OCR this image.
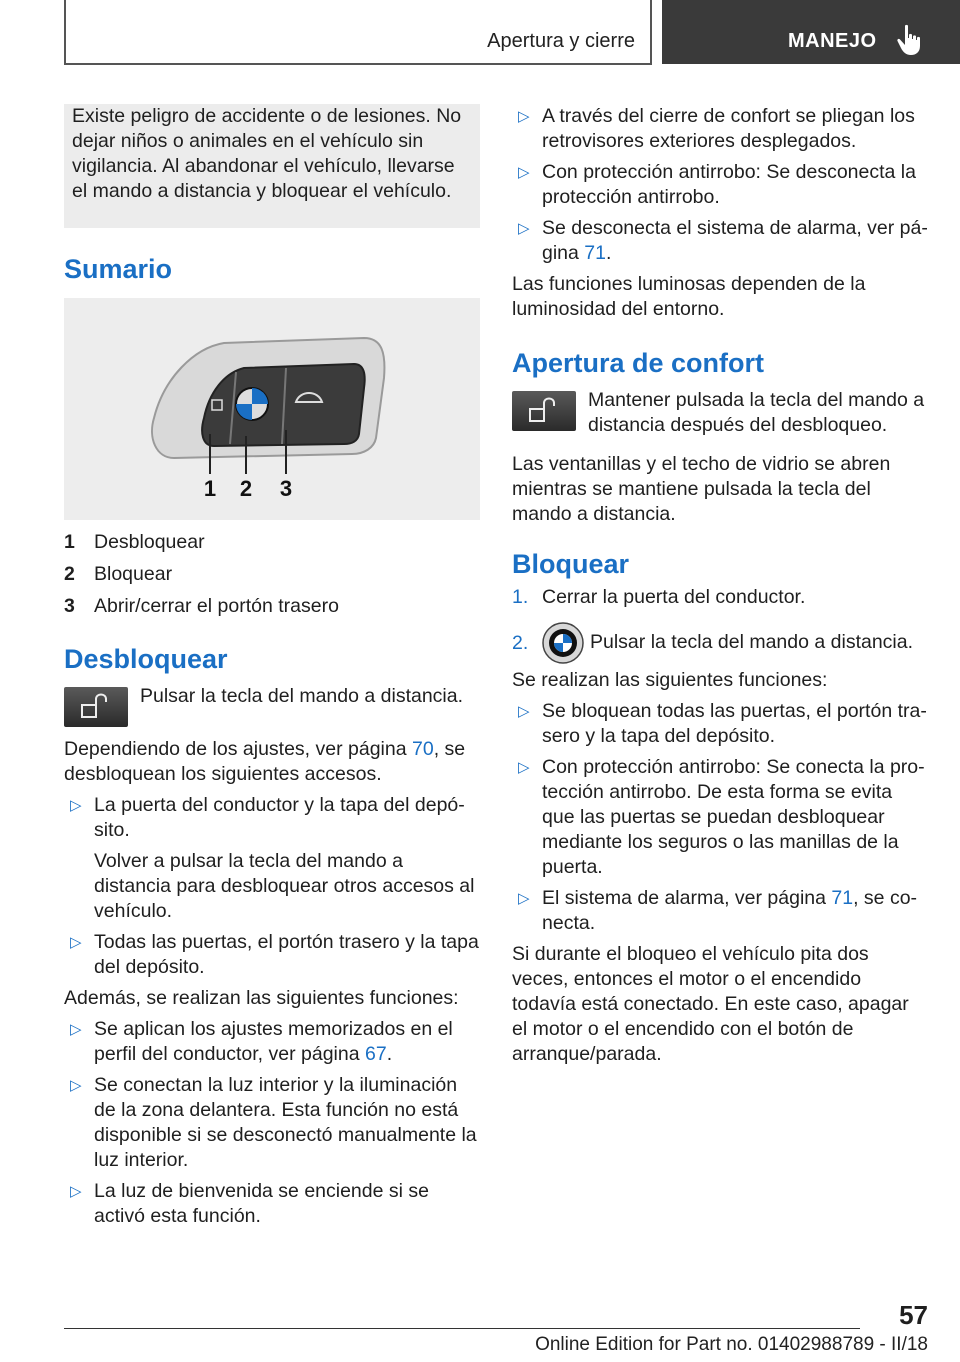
Apertura y cierre	MANEJO

Existe peligro de accidente o de lesiones. No dejar niños o animales en el vehículo sin vigilancia. Al abandonar el vehículo, llevarse el mando a distancia y bloquear el vehículo.

Sumario
1 2 3
1 Desbloquear
2 Bloquear
3 Abrir/cerrar el portón trasero
Desbloquear
Pulsar la tecla del mando a distancia.

Dependiendo de los ajustes, ver página 70, se desbloquean los siguientes accesos.

▷ La puerta del conductor y la tapa del depósito.

Volver a pulsar la tecla del mando a distancia para desbloquear otros accesos al vehículo.

▷ Todas las puertas, el portón trasero y la tapa del depósito.

Además, se realizan las siguientes funciones:

▷ Se aplican los ajustes memorizados en el perfil del conductor, ver página 67.

▷ Se conectan la luz interior y la iluminación de la zona delantera. Esta función no está disponible si se desconectó manualmente la luz interior.

▷ La luz de bienvenida se enciende si se activó esta función.

▷ A través del cierre de confort se pliegan los retrovisores exteriores desplegados.

▷ Con protección antirrobo: Se desconecta la protección antirrobo.

▷ Se desconecta el sistema de alarma, ver página 71.

Las funciones luminosas dependen de la luminosidad del entorno.

Apertura de confort
Mantener pulsada la tecla del mando a distancia después del desbloqueo.

Las ventanillas y el techo de vidrio se abren mientras se mantiene pulsada la tecla del mando a distancia.

Bloquear
1. Cerrar la puerta del conductor.
2.	Pulsar la tecla del mando a distancia.

Se realizan las siguientes funciones:

▷ Se bloquean todas las puertas, el portón trasero y la tapa del depósito.

▷ Con protección antirrobo: Se conecta la protección antirrobo. De esta forma se evita que las puertas se puedan desbloquear mediante los seguros o las manillas de la puerta.

▷ El sistema de alarma, ver página 71, se conecta.

Si durante el bloqueo el vehículo pita dos veces, entonces el motor o el encendido todavía está conectado. En este caso, apagar el motor o el encendido con el botón de arranque/parada.

57
Online Edition for Part no. 01402988789 - II/18
